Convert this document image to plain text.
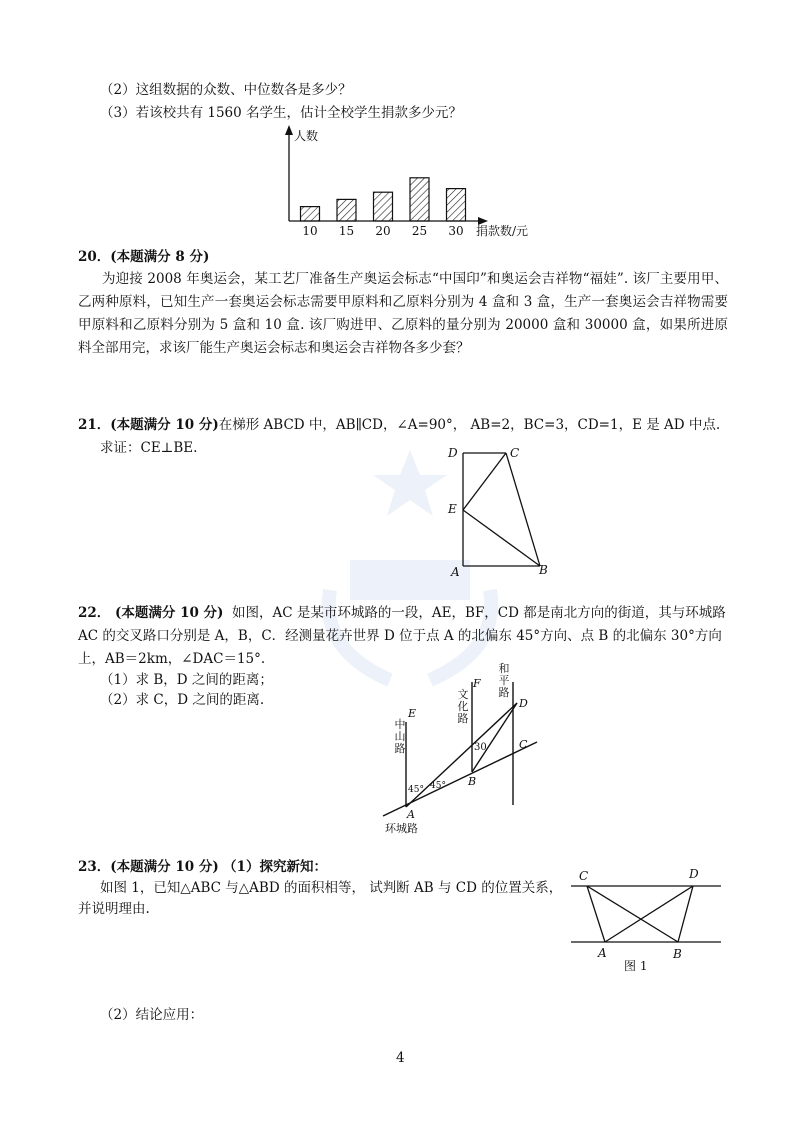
（2）这组数据的众数、中位数各是多少？
（3）若该校共有 1560 名学生，估计全校学生捐款多少元？
人数
捐款数/元
10 15 20 25 30
20．(本题满分 8 分)
为迎接 2008 年奥运会，某工艺厂准备生产奥运会标志“中国印”和奥运会吉祥物“福娃”. 该厂主要用甲、乙两种原料，已知生产一套奥运会标志需要甲原料和乙原料分别为 4 盒和 3 盒，生产一套奥运会吉祥物需要甲原料和乙原料分别为 5 盒和 10 盒. 该厂购进甲、乙原料的量分别为 20000 盒和 30000 盒，如果所进原料全部用完，求该厂能生产奥运会标志和奥运会吉祥物各多少套？
21．(本题满分 10 分)在梯形 ABCD 中，AB∥CD，∠A=90°， AB=2，BC=3，CD=1，E 是 AD 中点.
求证：CE⊥BE.	D	C
E
A	B
22． (本题满分 10 分) 如图，AC 是某市环城路的一段，AE，BF，CD 都是南北方向的街道，其与环城路
AC 的交叉路口分别是 A，B，C．经测量花卉世界 D 位于点 A 的北偏东 45°方向、点 B 的北偏东 30°方向
上，AB＝2km，∠DAC＝15°.
（1）求 B，D 之间的距离；
（2）求 C，D 之间的距离.
E
F
D
C
B
A
30
45° 45°
环城路
中山路
文化路
和平路
23．(本题满分 10 分) （1）探究新知：
如图 1，已知△ABC 与△ABD 的面积相等， 试判断 AB 与 CD 的位置关系，
并说明理由.
C	D
A	B
图 1
（2）结论应用：
4
